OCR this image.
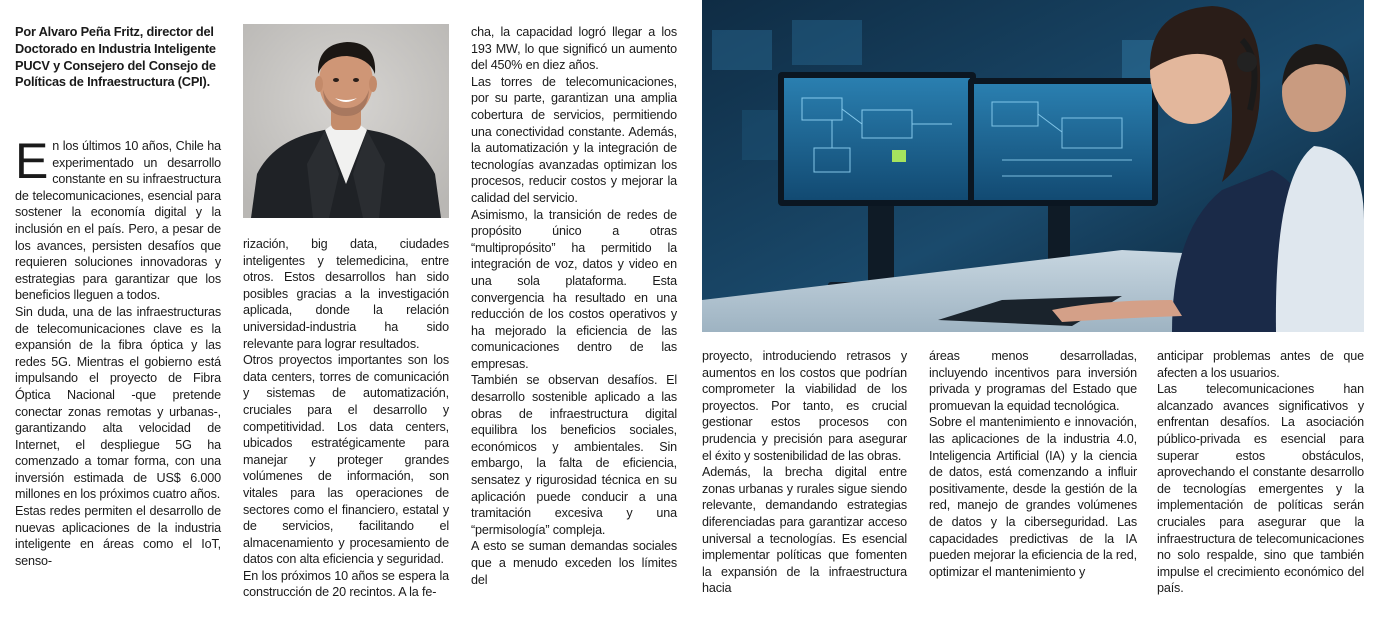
Por Alvaro Peña Fritz, director del Doctorado en Industria Inteligente PUCV y Consejero del Consejo de Políticas de Infraestructura (CPI).

En los últimos 10 años, Chile ha experimentado un desarrollo constante en su infraestructura de telecomunicaciones, esencial para sostener la economía digital y la inclusión en el país. Pero, a pesar de los avances, persisten desafíos que requieren soluciones innovadoras y estrategias para garantizar que los beneficios lleguen a todos.

Sin duda, una de las infraestructuras de telecomunicaciones clave es la expansión de la fibra óptica y las redes 5G. Mientras el gobierno está impulsando el proyecto de Fibra Óptica Nacional -que pretende conectar zonas remotas y urbanas-, garantizando alta velocidad de Internet, el despliegue 5G ha comenzado a tomar forma, con una inversión estimada de US$ 6.000 millones en los próximos cuatro años.

Estas redes permiten el desarrollo de nuevas aplicaciones de la industria inteligente en áreas como el IoT, senso-

rización, big data, ciudades inteligentes y telemedicina, entre otros. Estos desarrollos han sido posibles gracias a la investigación aplicada, donde la relación universidad-industria ha sido relevante para lograr resultados.

Otros proyectos importantes son los data centers, torres de comunicación y sistemas de automatización, cruciales para el desarrollo y competitividad. Los data centers, ubicados estratégicamente para manejar y proteger grandes volúmenes de información, son vitales para las operaciones de sectores como el financiero, estatal y de servicios, facilitando el almacenamiento y procesamiento de datos con alta eficiencia y seguridad.

En los próximos 10 años se espera la construcción de 20 recintos. A la fe-

cha, la capacidad logró llegar a los 193 MW, lo que significó un aumento del 450% en diez años.

Las torres de telecomunicaciones, por su parte, garantizan una amplia cobertura de servicios, permitiendo una conectividad constante. Además, la automatización y la integración de tecnologías avanzadas optimizan los procesos, reducir costos y mejorar la calidad del servicio.

Asimismo, la transición de redes de propósito único a otras “multipropósito” ha permitido la integración de voz, datos y video en una sola plataforma. Esta convergencia ha resultado en una reducción de los costos operativos y ha mejorado la eficiencia de las comunicaciones dentro de las empresas.

También se observan desafíos. El desarrollo sostenible aplicado a las obras de infraestructura digital equilibra los beneficios sociales, económicos y ambientales. Sin embargo, la falta de eficiencia, sensatez y rigurosidad técnica en su aplicación puede conducir a una tramitación excesiva y una “permisología” compleja.

A esto se suman demandas sociales que a menudo exceden los límites del

proyecto, introduciendo retrasos y aumentos en los costos que podrían comprometer la viabilidad de los proyectos. Por tanto, es crucial gestionar estos procesos con prudencia y precisión para asegurar el éxito y sostenibilidad de las obras.

Además, la brecha digital entre zonas urbanas y rurales sigue siendo relevante, demandando estrategias diferenciadas para garantizar acceso universal a tecnologías. Es esencial implementar políticas que fomenten la expansión de la infraestructura hacia

áreas menos desarrolladas, incluyendo incentivos para inversión privada y programas del Estado que promuevan la equidad tecnológica.

Sobre el mantenimiento e innovación, las aplicaciones de la industria 4.0, Inteligencia Artificial (IA) y la ciencia de datos, está comenzando a influir positivamente, desde la gestión de la red, manejo de grandes volúmenes de datos y la ciberseguridad. Las capacidades predictivas de la IA pueden mejorar la eficiencia de la red, optimizar el mantenimiento y

anticipar problemas antes de que afecten a los usuarios.

Las telecomunicaciones han alcanzado avances significativos y enfrentan desafíos. La asociación público-privada es esencial para superar estos obstáculos, aprovechando el constante desarrollo de tecnologías emergentes y la implementación de políticas serán cruciales para asegurar que la infraestructura de telecomunicaciones no solo respalde, sino que también impulse el crecimiento económico del país.
